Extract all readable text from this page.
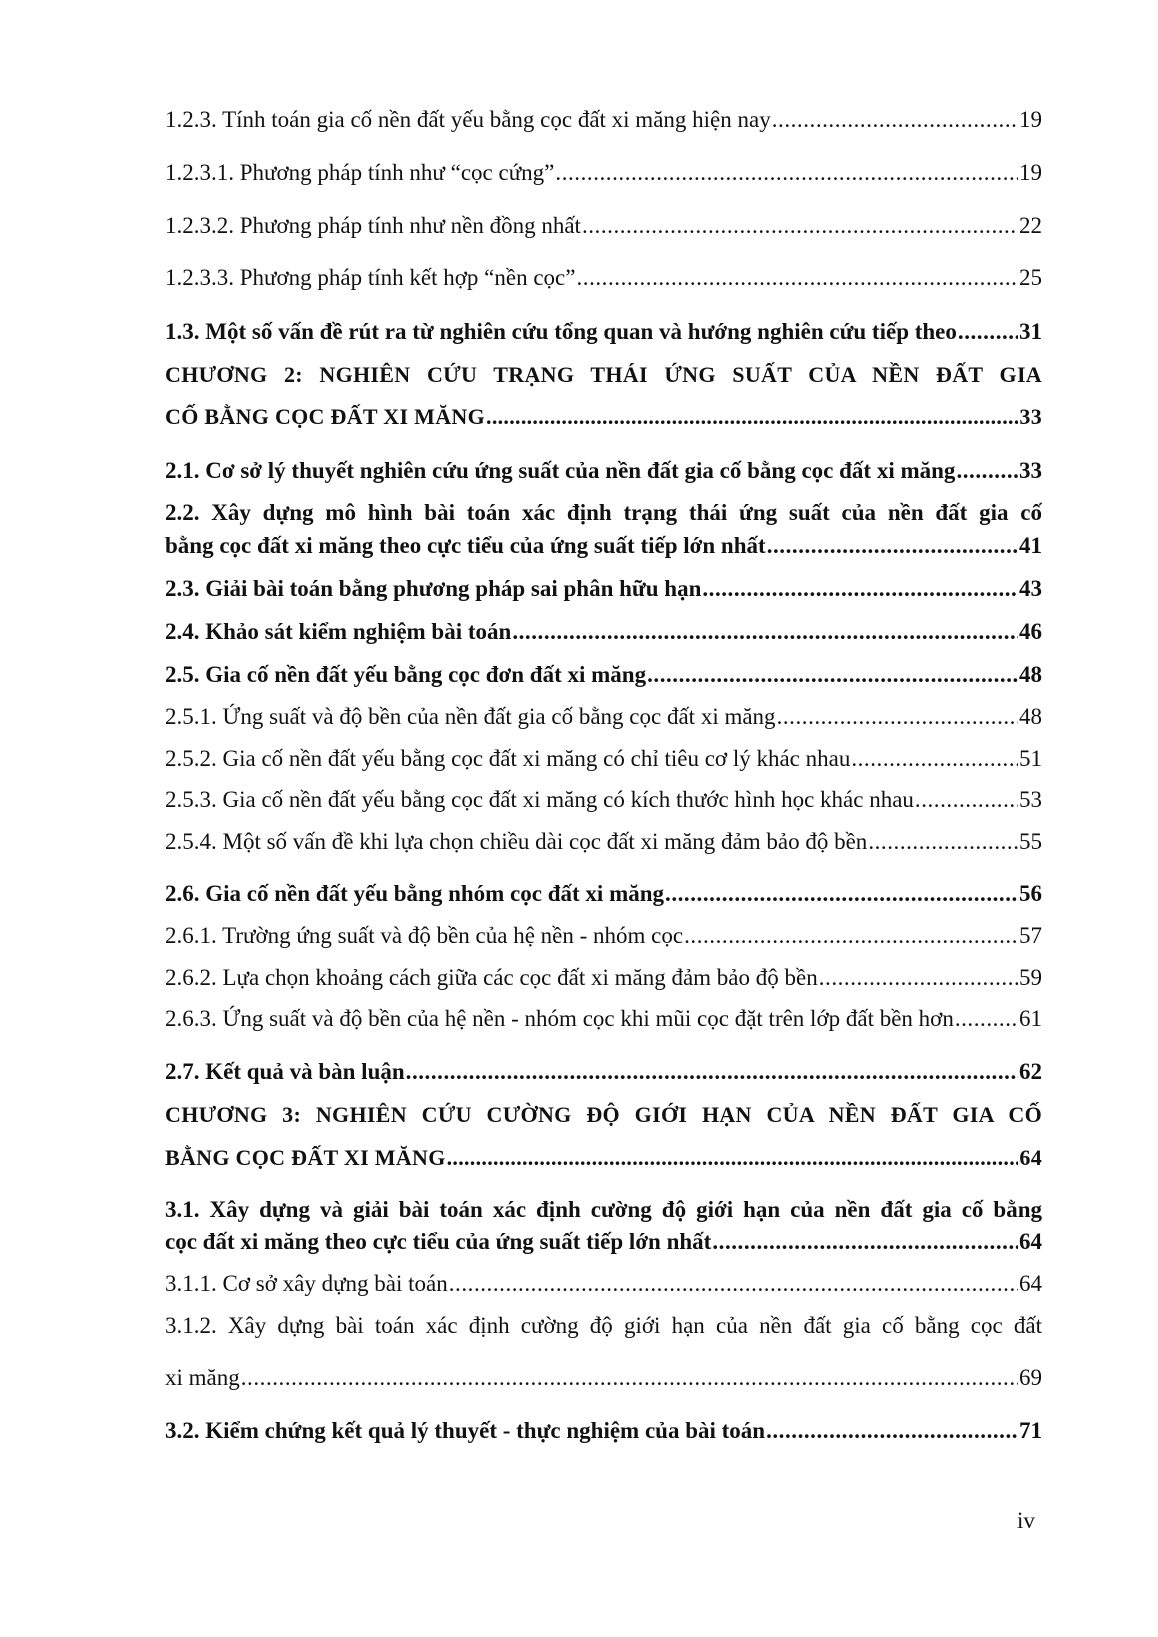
1.2.3. Tính toán gia cố nền đất yếu bằng cọc đất xi măng hiện nay . . .	19
1.2.3.1. Phương pháp tính như “cọc cứng” . . .	19
1.2.3.2. Phương pháp tính như nền đồng nhất . . .	22
1.2.3.3. Phương pháp tính kết hợp “nền cọc” . . .	25
1.3. Một số vấn đề rút ra từ nghiên cứu tổng quan và hướng nghiên cứu tiếp theo . . .	31
CHƯƠNG 2: NGHIÊN CỨU TRẠNG THÁI ỨNG SUẤT CỦA NỀN ĐẤT GIA
CỐ BẰNG CỌC ĐẤT XI MĂNG . . .	33
2.1. Cơ sở lý thuyết nghiên cứu ứng suất của nền đất gia cố bằng cọc đất xi măng . . .	33
2.2. Xây dựng mô hình bài toán xác định trạng thái ứng suất của nền đất gia cố
bằng cọc đất xi măng theo cực tiểu của ứng suất tiếp lớn nhất . . .	41
2.3. Giải bài toán bằng phương pháp sai phân hữu hạn . . .	43
2.4. Khảo sát kiểm nghiệm bài toán . . .	46
2.5. Gia cố nền đất yếu bằng cọc đơn đất xi măng . . .	48
2.5.1. Ứng suất và độ bền của nền đất gia cố bằng cọc đất xi măng . . .	48
2.5.2. Gia cố nền đất yếu bằng cọc đất xi măng có chỉ tiêu cơ lý khác nhau . . .	51
2.5.3. Gia cố nền đất yếu bằng cọc đất xi măng có kích thước hình học khác nhau . . .	53
2.5.4. Một số vấn đề khi lựa chọn chiều dài cọc đất xi măng đảm bảo độ bền . . .	55
2.6. Gia cố nền đất yếu bằng nhóm cọc đất xi măng . . .	56
2.6.1. Trường ứng suất và độ bền của hệ nền - nhóm cọc . . .	57
2.6.2. Lựa chọn khoảng cách giữa các cọc đất xi măng đảm bảo độ bền . . .	59
2.6.3. Ứng suất và độ bền của hệ nền - nhóm cọc khi mũi cọc đặt trên lớp đất bền hơn . . .	61
2.7. Kết quả và bàn luận . . .	62
CHƯƠNG 3: NGHIÊN CỨU CƯỜNG ĐỘ GIỚI HẠN CỦA NỀN ĐẤT GIA CỐ
BẰNG CỌC ĐẤT XI MĂNG . . .	64
3.1. Xây dựng và giải bài toán xác định cường độ giới hạn của nền đất gia cố bằng
cọc đất xi măng theo cực tiểu của ứng suất tiếp lớn nhất . . .	64
3.1.1. Cơ sở xây dựng bài toán . . .	64
3.1.2. Xây dựng bài toán xác định cường độ giới hạn của nền đất gia cố bằng cọc đất
xi măng . . .	69
3.2. Kiểm chứng kết quả lý thuyết - thực nghiệm của bài toán . . .	71
iv
